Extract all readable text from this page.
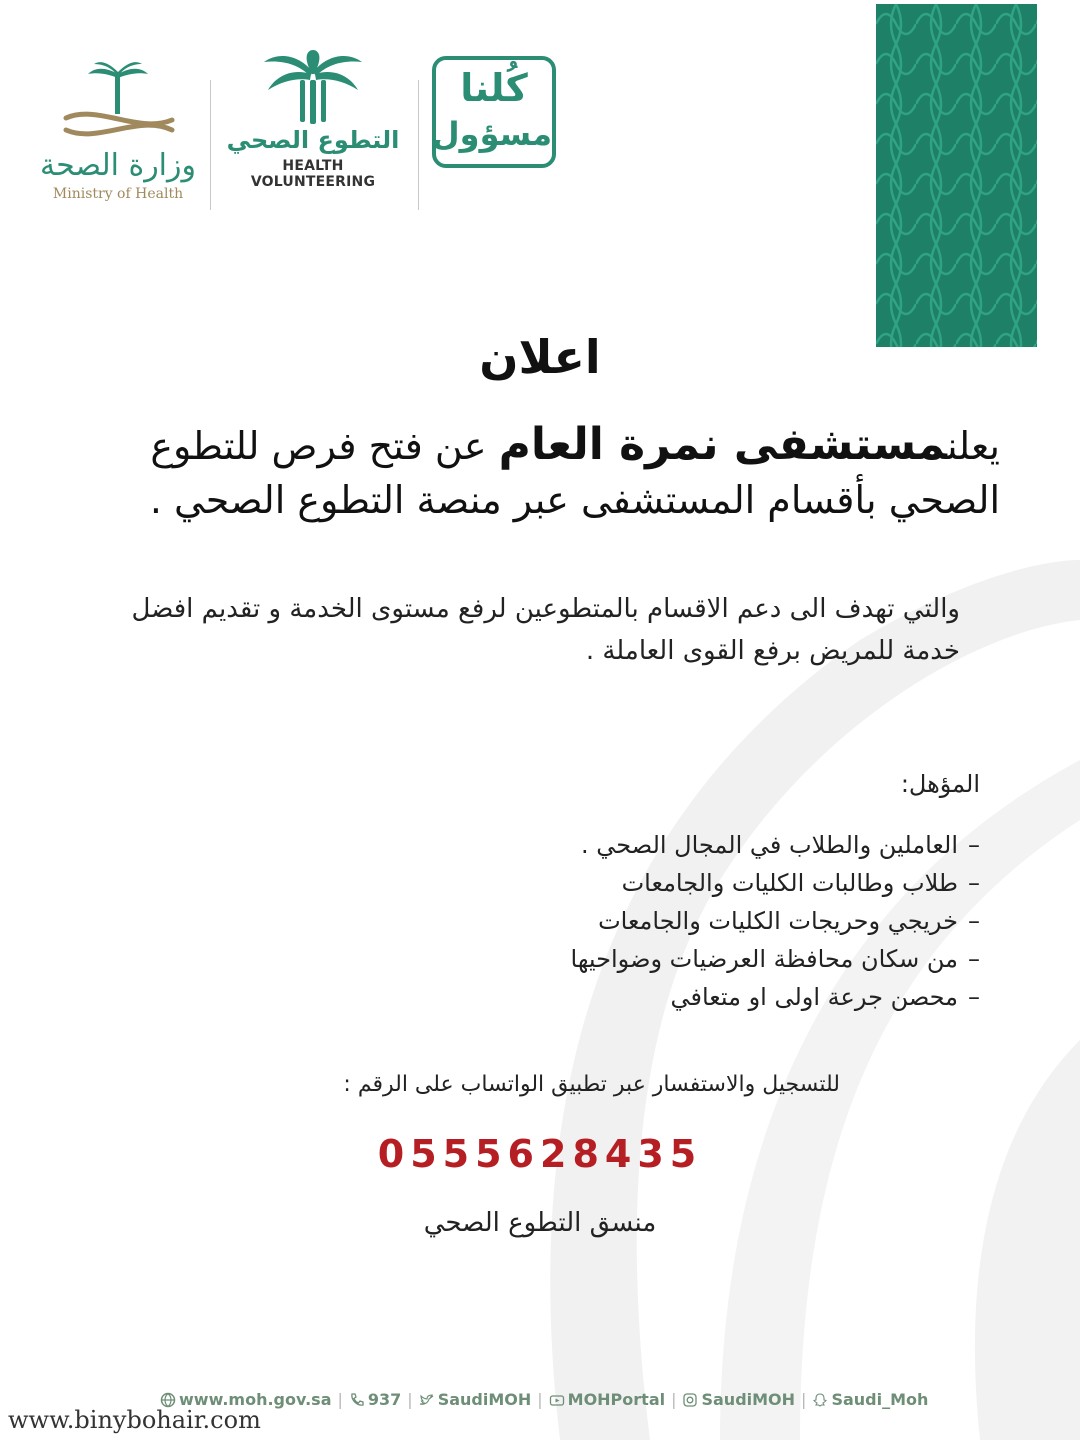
وزارة الصحة
Ministry of Health
التطوع الصحي
HEALTH VOLUNTEERING
كُلنا
مسؤول
اعلان
يعلنمستشفى نمرة العام عن فتح فرص للتطوع الصحي بأقسام المستشفى عبر منصة التطوع الصحي .
والتي تهدف الى دعم الاقسام بالمتطوعين لرفع مستوى الخدمة و تقديم افضل خدمة للمريض برفع القوى العاملة .
المؤهل:
–العاملين والطلاب في المجال الصحي .
–طلاب وطالبات الكليات والجامعات
–خريجي وحريجات الكليات والجامعات
–من سكان محافظة العرضيات وضواحيها
–محصن جرعة اولى او متعافي
للتسجيل والاستفسار عبر تطبيق الواتساب على الرقم :
0555628435
منسق التطوع الصحي
www.moh.gov.sa |	937 |	SaudiMOH |	MOHPortal |	SaudiMOH |	Saudi_Moh
www.binybohair.com
